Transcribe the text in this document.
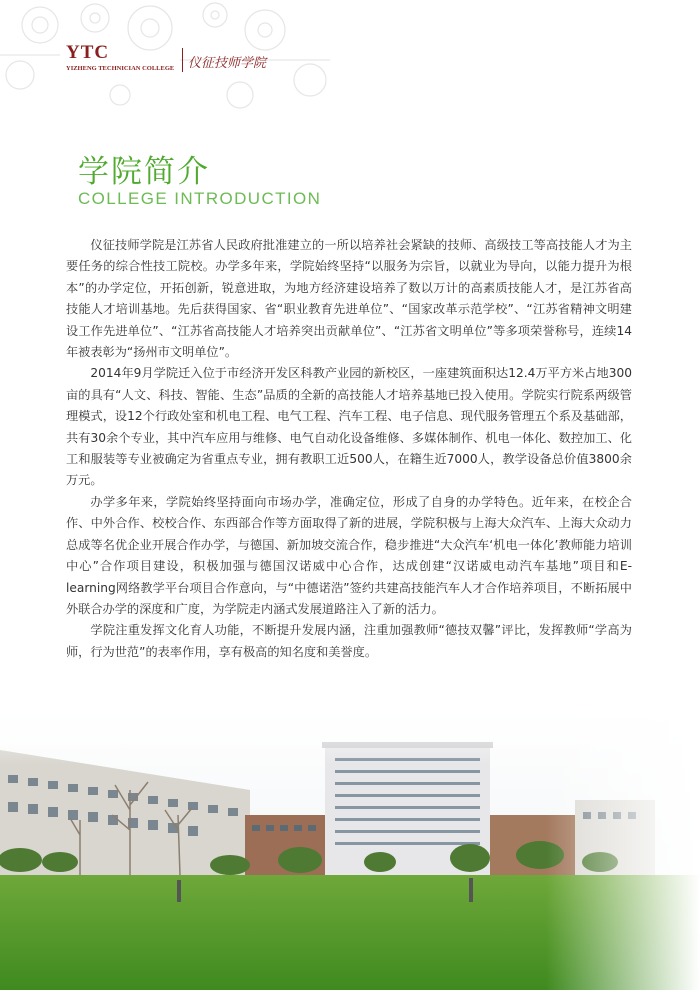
YTC
YIZHENG TECHNICIAN COLLEGE 仪征技师学院
学院简介
COLLEGE INTRODUCTION

仪征技师学院是江苏省人民政府批准建立的一所以培养社会紧缺的技师、高级技工等高技能人才为主要任务的综合性技工院校。办学多年来，学院始终坚持“以服务为宗旨，以就业为导向，以能力提升为根本”的办学定位，开拓创新，锐意进取，为地方经济建设培养了数以万计的高素质技能人才，是江苏省高技能人才培训基地。先后获得国家、省“职业教育先进单位”、“国家改革示范学校”、“江苏省精神文明建设工作先进单位”、“江苏省高技能人才培养突出贡献单位”、“江苏省文明单位”等多项荣誉称号，连续14年被表彰为“扬州市文明单位”。

2014年9月学院迁入位于市经济开发区科教产业园的新校区，一座建筑面积达12.4万平方米占地300亩的具有“人文、科技、智能、生态”品质的全新的高技能人才培养基地已投入使用。学院实行院系两级管理模式，设12个行政处室和机电工程、电气工程、汽车工程、电子信息、现代服务管理五个系及基础部，共有30余个专业，其中汽车应用与维修、电气自动化设备维修、多媒体制作、机电一体化、数控加工、化工和服装等专业被确定为省重点专业，拥有教职工近500人，在籍生近7000人，教学设备总价值3800余万元。

办学多年来，学院始终坚持面向市场办学，准确定位，形成了自身的办学特色。近年来，在校企合作、中外合作、校校合作、东西部合作等方面取得了新的进展，学院积极与上海大众汽车、上海大众动力总成等名优企业开展合作办学，与德国、新加坡交流合作，稳步推进“大众汽车‘机电一体化’教师能力培训中心”合作项目建设，积极加强与德国汉诺威中心合作，达成创建“汉诺威电动汽车基地”项目和E-learning网络教学平台项目合作意向，与“中德诺浩”签约共建高技能汽车人才合作培养项目，不断拓展中外联合办学的深度和广度，为学院走内涵式发展道路注入了新的活力。

学院注重发挥文化育人功能，不断提升发展内涵，注重加强教师“德技双馨”评比，发挥教师“学高为师，行为世范”的表率作用，享有极高的知名度和美誉度。
